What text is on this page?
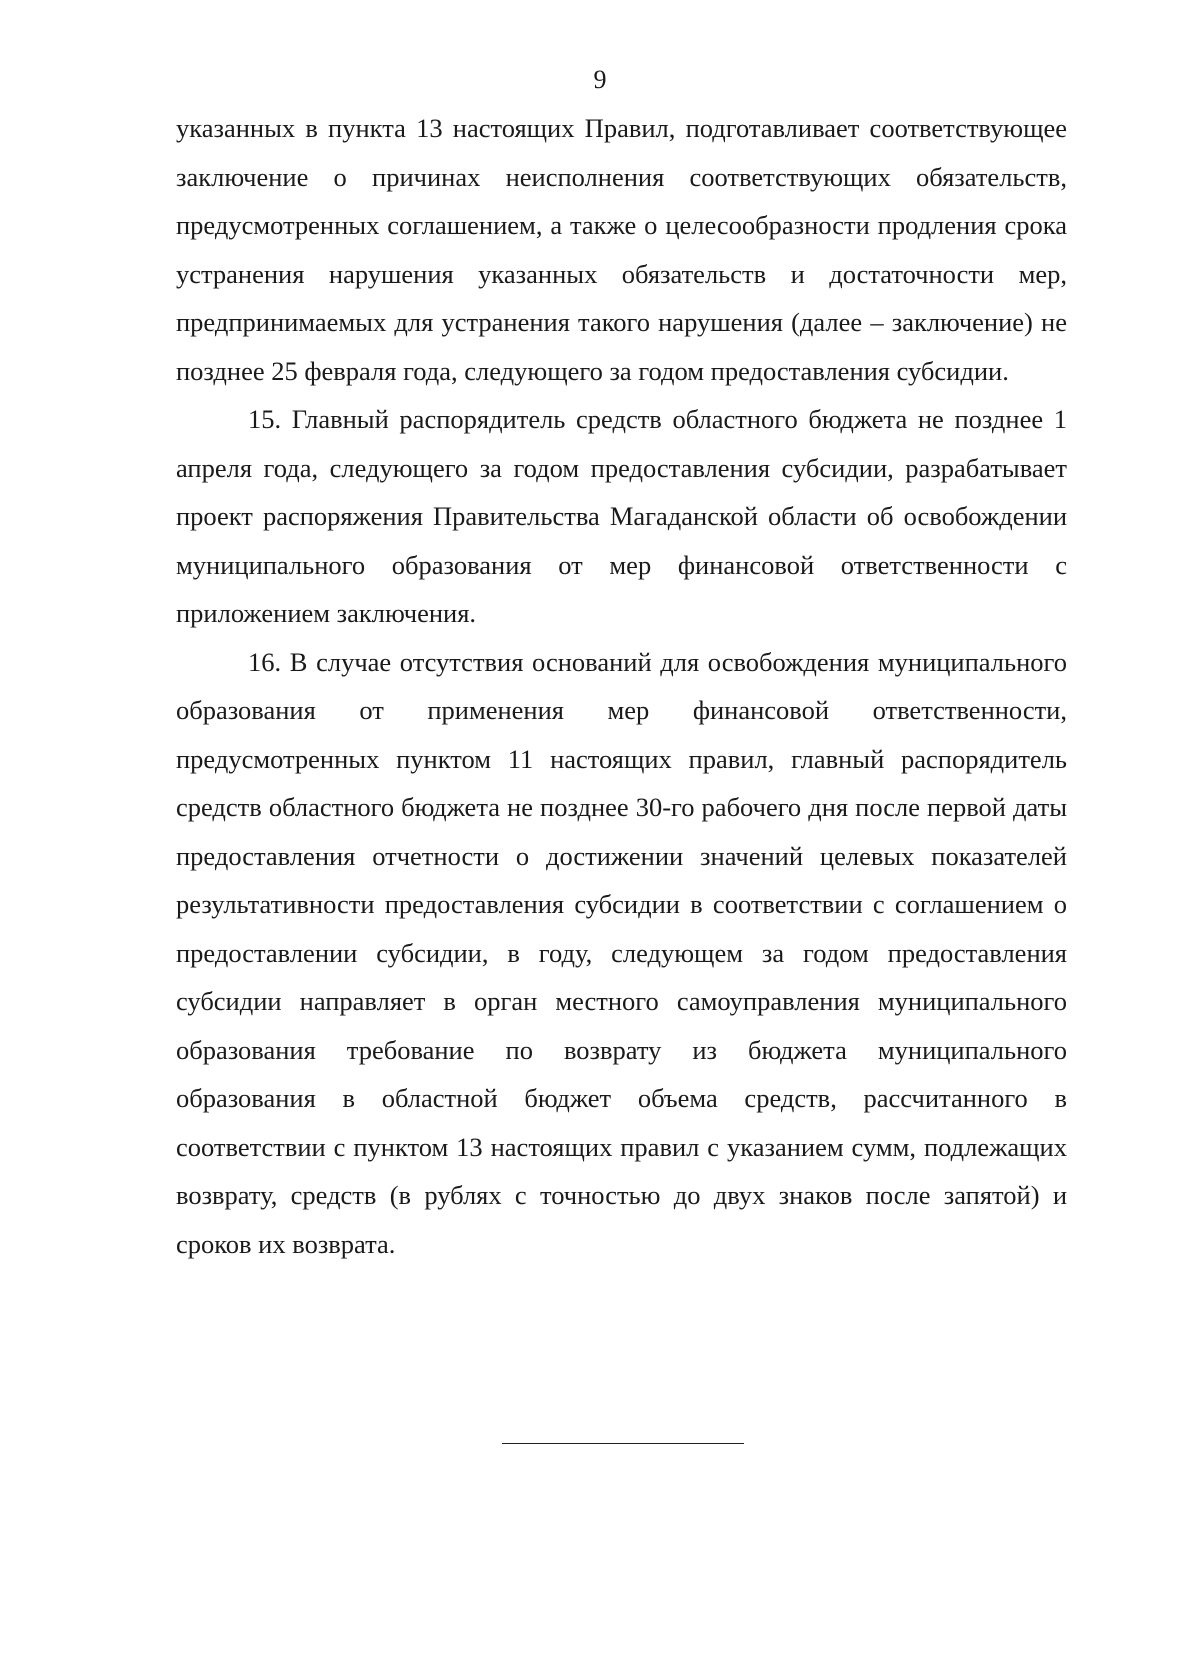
9

указанных в пункта 13 настоящих Правил, подготавливает соответствующее заключение о причинах неисполнения соответствующих обязательств, предусмотренных соглашением, а также о целесообразности продления срока устранения нарушения указанных обязательств и достаточности мер, предпринимаемых для устранения такого нарушения (далее – заключение) не позднее 25 февраля года, следующего за годом предоставления субсидии.

15. Главный распорядитель средств областного бюджета не позднее 1 апреля года, следующего за годом предоставления субсидии, разрабатывает проект распоряжения Правительства Магаданской области об освобождении муниципального образования от мер финансовой ответственности с приложением заключения.

16. В случае отсутствия оснований для освобождения муниципального образования от применения мер финансовой ответственности, предусмотренных пунктом 11 настоящих правил, главный распорядитель средств областного бюджета не позднее 30-го рабочего дня после первой даты предоставления отчетности о достижении значений целевых показателей результативности предоставления субсидии в соответствии с соглашением о предоставлении субсидии, в году, следующем за годом предоставления субсидии направляет в орган местного самоуправления муниципального образования требование по возврату из бюджета муниципального образования в областной бюджет объема средств, рассчитанного в соответствии с пунктом 13 настоящих правил с указанием сумм, подлежащих возврату, средств (в рублях с точностью до двух знаков после запятой) и сроков их возврата.
